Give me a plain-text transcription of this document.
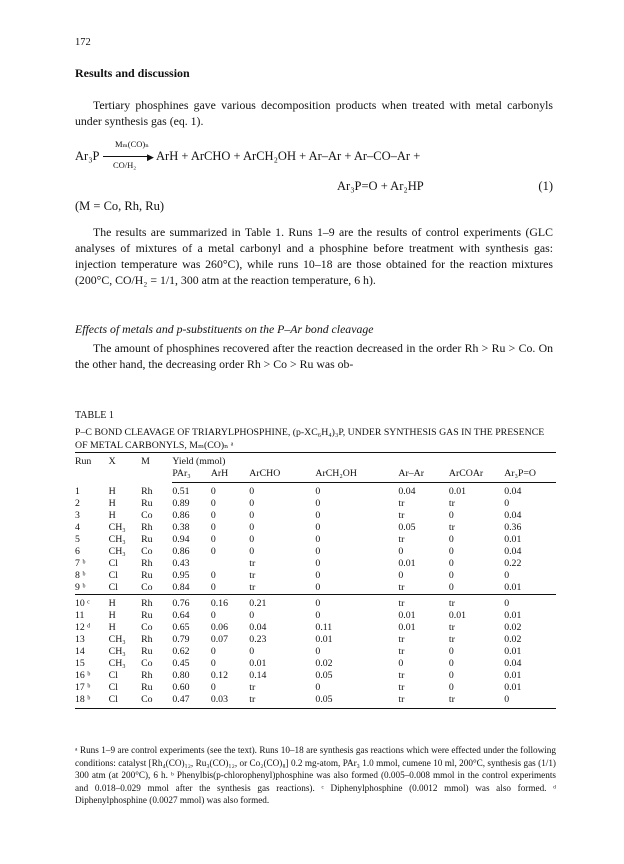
172
Results and discussion
Tertiary phosphines gave various decomposition products when treated with metal carbonyls under synthesis gas (eq. 1).
Ar₃P
Mₘ(CO)ₙ
▶
CO/H₂
ArH + ArCHO + ArCH₂OH + Ar–Ar + Ar–CO–Ar +
Ar₃P=O + Ar₂HP	(1)
(M = Co, Rh, Ru)
The results are summarized in Table 1. Runs 1–9 are the results of control experiments (GLC analyses of mixtures of a metal carbonyl and a phosphine before treatment with synthesis gas: injection temperature was 260°C), while runs 10–18 are those obtained for the reaction mixtures (200°C, CO/H₂ = 1/1, 300 atm at the reaction temperature, 6 h).
Effects of metals and p-substituents on the P–Ar bond cleavage
The amount of phosphines recovered after the reaction decreased in the order Rh > Ru > Co. On the other hand, the decreasing order Rh > Co > Ru was ob-
TABLE 1
P–C BOND CLEAVAGE OF TRIARYLPHOSPHINE, (p-XC₆H₄)₃P, UNDER SYNTHESIS GAS IN THE PRESENCE OF METAL CARBONYLS, Mₘ(CO)ₙ ᵃ
Run	X	M	Yield (mmol)						
			PAr₃	ArH	ArCHO	ArCH₂OH	Ar–Ar	ArCOAr	Ar₃P=O
1	H	Rh	0.51	0	0	0	0.04	0.01	0.04
2	H	Ru	0.89	0	0	0	tr	tr	0
3	H	Co	0.86	0	0	0	tr	0	0.04
4	CH₃	Rh	0.38	0	0	0	0.05	tr	0.36
5	CH₃	Ru	0.94	0	0	0	tr	0	0.01
6	CH₃	Co	0.86	0	0	0	0	0	0.04
7 ᵇ	Cl	Rh	0.43		tr	0	0.01	0	0.22
8 ᵇ	Cl	Ru	0.95	0	tr	0	0	0	0
9 ᵇ	Cl	Co	0.84	0	tr	0	tr	0	0.01
10 ᶜ	H	Rh	0.76	0.16	0.21	0	tr	tr	0
11	H	Ru	0.64	0	0	0	0.01	0.01	0.01
12 ᵈ	H	Co	0.65	0.06	0.04	0.11	0.01	tr	0.02
13	CH₃	Rh	0.79	0.07	0.23	0.01	tr	tr	0.02
14	CH₃	Ru	0.62	0	0	0	tr	0	0.01
15	CH₃	Co	0.45	0	0.01	0.02	0	0	0.04
16 ᵇ	Cl	Rh	0.80	0.12	0.14	0.05	tr	0	0.01
17 ᵇ	Cl	Ru	0.60	0	tr	0	tr	0	0.01
18 ᵇ	Cl	Co	0.47	0.03	tr	0.05	tr	tr	0
ᵃ Runs 1–9 are control experiments (see the text). Runs 10–18 are synthesis gas reactions which were effected under the following conditions: catalyst [Rh₄(CO)₁₂, Ru₃(CO)₁₂, or Co₂(CO)₈] 0.2 mg-atom, PAr₃ 1.0 mmol, cumene 10 ml, 200°C, synthesis gas (1/1) 300 atm (at 200°C), 6 h. ᵇ Phenylbis(p-chlorophenyl)phosphine was also formed (0.005–0.008 mmol in the control experiments and 0.018–0.029 mmol after the synthesis gas reactions). ᶜ Diphenylphosphine (0.0012 mmol) was also formed. ᵈ Diphenylphosphine (0.0027 mmol) was also formed.
